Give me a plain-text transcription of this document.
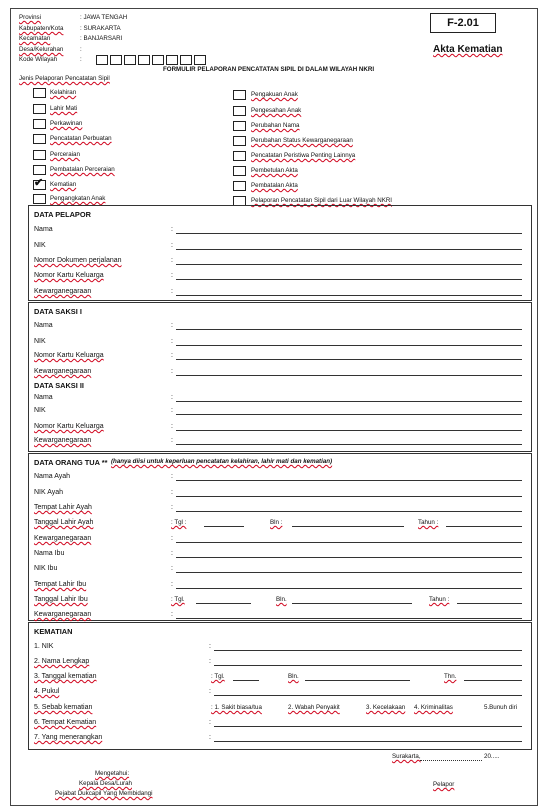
Provinsi	: JAWA TENGAH
Kabupaten/Kota	: SURAKARTA
Kecamatan	: BANJARSARI
Desa/Kelurahan	:
Kode Wilayah	:
F-2.01
Akta Kematian
FORMULIR PELAPORAN PENCATATAN SIPIL DI DALAM WILAYAH NKRI
Jenis Pelaporan Pencatatan Sipil
Kelahiran
Lahir Mati
Perkawinan
Pencatatan Perbuatan
Perceraian
Pembatalan Perceraian
✔ Kematian
Pengangkatan Anak
Pengakuan Anak
Pengesahan Anak
Perubahan Nama
Perubahan Status Kewarganegaraan
Pencatatan Peristiwa Penting Lainnya
Pembetulan Akta
Pembatalan Akta
Pelaporan Pencatatan Sipil dari Luar Wilayah NKRI
DATA PELAPOR
Nama	:
NIK	:
Nomor Dokumen perjalanan	:
Nomor Kartu Keluarga	:
Kewarganegaraan	:
DATA SAKSI I
Nama	:
NIK	:
Nomor Kartu Keluarga	:
Kewarganegaraan	:
DATA SAKSI II
Nama	:
NIK	:
Nomor Kartu Keluarga	:
Kewarganegaraan	:
DATA ORANG TUA ** (hanya diisi untuk keperluan pencatatan kelahiran, lahir mati dan kematian)
Nama Ayah	:
NIK Ayah	:
Tempat Lahir Ayah	:
Tanggal Lahir Ayah	: Tgl :	Bln :	Tahun :
Kewarganegaraan	:
Nama Ibu	:
NIK Ibu	:
Tempat Lahir Ibu	:
Tanggal Lahir Ibu	: Tgl.	Bln.	Tahun :
Kewarganegaraan	:
KEMATIAN
1. NIK	:
2. Nama Lengkap	:
3. Tanggal kematian	: Tgl.	Bln.	Thn.
4. Pukul	:
5. Sebab kematian	: 1. Sakit biasa/tua	2. Wabah Penyakit	3. Kecelakaan 4. Kriminalitas	5.Bunuh diri
6. Tempat Kematian	:
7. Yang menerangkan	:
Surakarta,	20.....
Mengetahui:
Kepala Desa/Lurah
Pejabat Dukcapil Yang Membidangi
Pelapor
